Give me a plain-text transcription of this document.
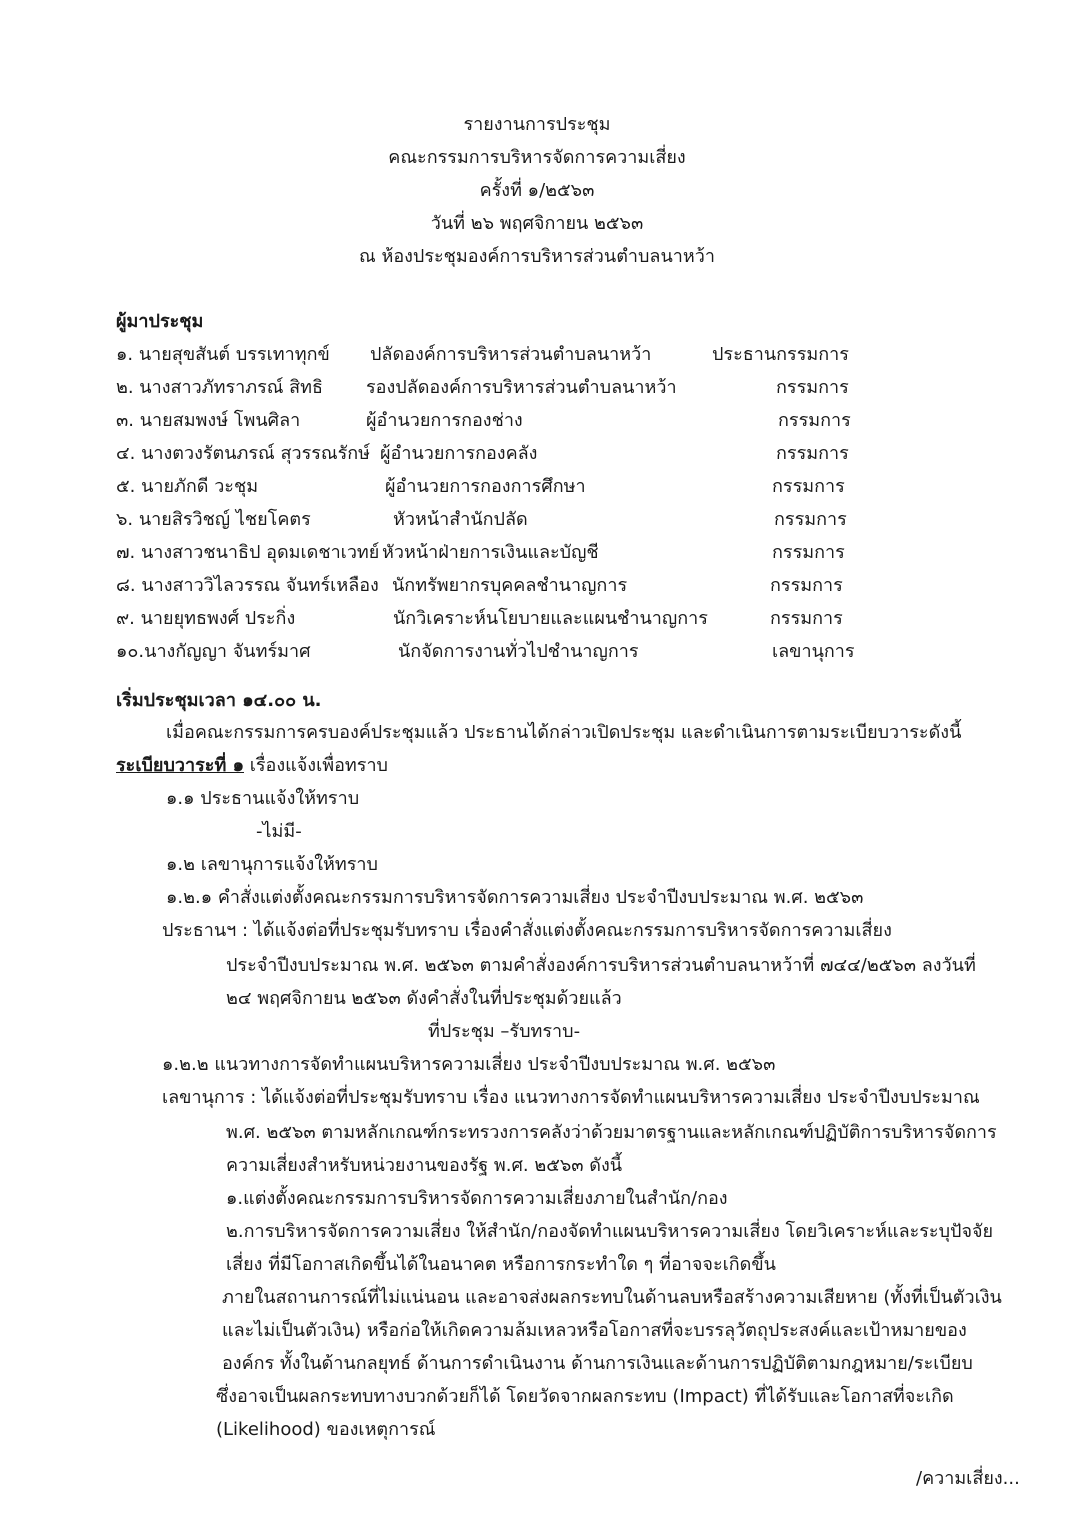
รายงานการประชุม
คณะกรรมการบริหารจัดการความเสี่ยง
ครั้งที่ ๑/๒๕๖๓
วันที่ ๒๖ พฤศจิกายน ๒๕๖๓
ณ ห้องประชุมองค์การบริหารส่วนตำบลนาหว้า
ผู้มาประชุม
๑. นายสุขสันต์ บรรเทาทุกข์ ปลัดองค์การบริหารส่วนตำบลนาหว้า	ประธานกรรมการ
๒. นางสาวภัทราภรณ์ สิทธิ รองปลัดองค์การบริหารส่วนตำบลนาหว้า	กรรมการ
๓. นายสมพงษ์ โพนศิลา	ผู้อำนวยการกองช่าง	กรรมการ
๔. นางตวงรัตนภรณ์ สุวรรณรักษ์ ผู้อำนวยการกองคลัง	กรรมการ
๕. นายภักดี วะชุม	ผู้อำนวยการกองการศึกษา	กรรมการ
๖. นายสิรวิชญ์ ไชยโคตร	หัวหน้าสำนักปลัด	กรรมการ
๗. นางสาวชนาธิป อุดมเดชาเวทย์ หัวหน้าฝ่ายการเงินและบัญชี	กรรมการ
๘. นางสาววิไลวรรณ จันทร์เหลือง นักทรัพยากรบุคคลชำนาญการ	กรรมการ
๙. นายยุทธพงศ์ ประกิ่ง	นักวิเคราะห์นโยบายและแผนชำนาญการ	กรรมการ
๑๐.นางกัญญา จันทร์มาศ	นักจัดการงานทั่วไปชำนาญการ	เลขานุการ
เริ่มประชุมเวลา ๑๔.๐๐ น.
เมื่อคณะกรรมการครบองค์ประชุมแล้ว ประธานได้กล่าวเปิดประชุม และดำเนินการตามระเบียบวาระดังนี้
ระเบียบวาระที่ ๑ เรื่องแจ้งเพื่อทราบ
๑.๑ ประธานแจ้งให้ทราบ
-ไม่มี-
๑.๒ เลขานุการแจ้งให้ทราบ
๑.๒.๑ คำสั่งแต่งตั้งคณะกรรมการบริหารจัดการความเสี่ยง ประจำปีงบประมาณ พ.ศ. ๒๕๖๓
ประธานฯ : ได้แจ้งต่อที่ประชุมรับทราบ เรื่องคำสั่งแต่งตั้งคณะกรรมการบริหารจัดการความเสี่ยง
ประจำปีงบประมาณ พ.ศ. ๒๕๖๓ ตามคำสั่งองค์การบริหารส่วนตำบลนาหว้าที่ ๗๔๔/๒๕๖๓ ลงวันที่
๒๔ พฤศจิกายน ๒๕๖๓ ดังคำสั่งในที่ประชุมด้วยแล้ว
ที่ประชุม –รับทราบ-
๑.๒.๒ แนวทางการจัดทำแผนบริหารความเสี่ยง ประจำปีงบประมาณ พ.ศ. ๒๕๖๓
เลขานุการ : ได้แจ้งต่อที่ประชุมรับทราบ เรื่อง แนวทางการจัดทำแผนบริหารความเสี่ยง ประจำปีงบประมาณ
พ.ศ. ๒๕๖๓ ตามหลักเกณฑ์กระทรวงการคลังว่าด้วยมาตรฐานและหลักเกณฑ์ปฏิบัติการบริหารจัดการ
ความเสี่ยงสำหรับหน่วยงานของรัฐ พ.ศ. ๒๕๖๓ ดังนี้
๑.แต่งตั้งคณะกรรมการบริหารจัดการความเสี่ยงภายในสำนัก/กอง
๒.การบริหารจัดการความเสี่ยง ให้สำนัก/กองจัดทำแผนบริหารความเสี่ยง โดยวิเคราะห์และระบุปัจจัย
เสี่ยง ที่มีโอกาสเกิดขึ้นได้ในอนาคต หรือการกระทำใด ๆ ที่อาจจะเกิดขึ้น
ภายในสถานการณ์ที่ไม่แน่นอน และอาจส่งผลกระทบในด้านลบหรือสร้างความเสียหาย (ทั้งที่เป็นตัวเงิน
และไม่เป็นตัวเงิน) หรือก่อให้เกิดความล้มเหลวหรือโอกาสที่จะบรรลุวัตถุประสงค์และเป้าหมายของ
องค์กร ทั้งในด้านกลยุทธ์ ด้านการดำเนินงาน ด้านการเงินและด้านการปฏิบัติตามกฎหมาย/ระเบียบ
ซึ่งอาจเป็นผลกระทบทางบวกด้วยก็ได้ โดยวัดจากผลกระทบ (Impact) ที่ได้รับและโอกาสที่จะเกิด
(Likelihood) ของเหตุการณ์
/ความเสี่ยง...
